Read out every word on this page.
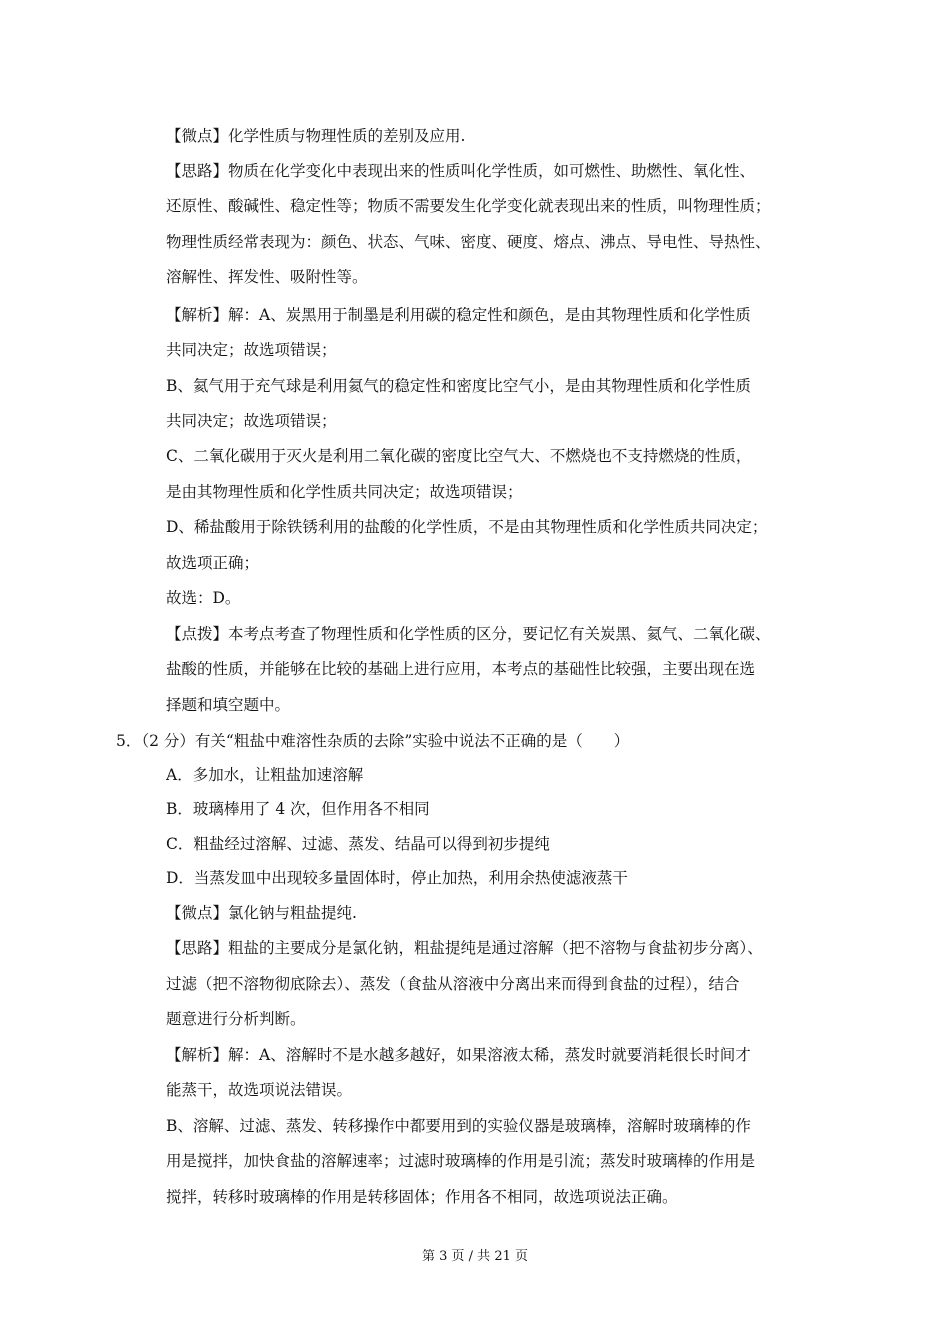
【微点】化学性质与物理性质的差别及应用.
【思路】物质在化学变化中表现出来的性质叫化学性质，如可燃性、助燃性、氧化性、
还原性、酸碱性、稳定性等；物质不需要发生化学变化就表现出来的性质，叫物理性质；
物理性质经常表现为：颜色、状态、气味、密度、硬度、熔点、沸点、导电性、导热性、
溶解性、挥发性、吸附性等。
【解析】解：A、炭黑用于制墨是利用碳的稳定性和颜色，是由其物理性质和化学性质
共同决定；故选项错误；
B、氦气用于充气球是利用氦气的稳定性和密度比空气小，是由其物理性质和化学性质
共同决定；故选项错误；
C、二氧化碳用于灭火是利用二氧化碳的密度比空气大、不燃烧也不支持燃烧的性质，
是由其物理性质和化学性质共同决定；故选项错误；
D、稀盐酸用于除铁锈利用的盐酸的化学性质，不是由其物理性质和化学性质共同决定；
故选项正确；
故选：D。
【点拨】本考点考查了物理性质和化学性质的区分，要记忆有关炭黑、氦气、二氧化碳、
盐酸的性质，并能够在比较的基础上进行应用，本考点的基础性比较强，主要出现在选
择题和填空题中。
5．（2 分）有关“粗盐中难溶性杂质的去除”实验中说法不正确的是（　　）
A．多加水，让粗盐加速溶解
B．玻璃棒用了 4 次，但作用各不相同
C．粗盐经过溶解、过滤、蒸发、结晶可以得到初步提纯
D．当蒸发皿中出现较多量固体时，停止加热，利用余热使滤液蒸干
【微点】氯化钠与粗盐提纯.
【思路】粗盐的主要成分是氯化钠，粗盐提纯是通过溶解（把不溶物与食盐初步分离）、
过滤（把不溶物彻底除去）、蒸发（食盐从溶液中分离出来而得到食盐的过程），结合
题意进行分析判断。
【解析】解：A、溶解时不是水越多越好，如果溶液太稀，蒸发时就要消耗很长时间才
能蒸干，故选项说法错误。
B、溶解、过滤、蒸发、转移操作中都要用到的实验仪器是玻璃棒，溶解时玻璃棒的作
用是搅拌，加快食盐的溶解速率；过滤时玻璃棒的作用是引流；蒸发时玻璃棒的作用是
搅拌，转移时玻璃棒的作用是转移固体；作用各不相同，故选项说法正确。
第 3 页 / 共 21 页
